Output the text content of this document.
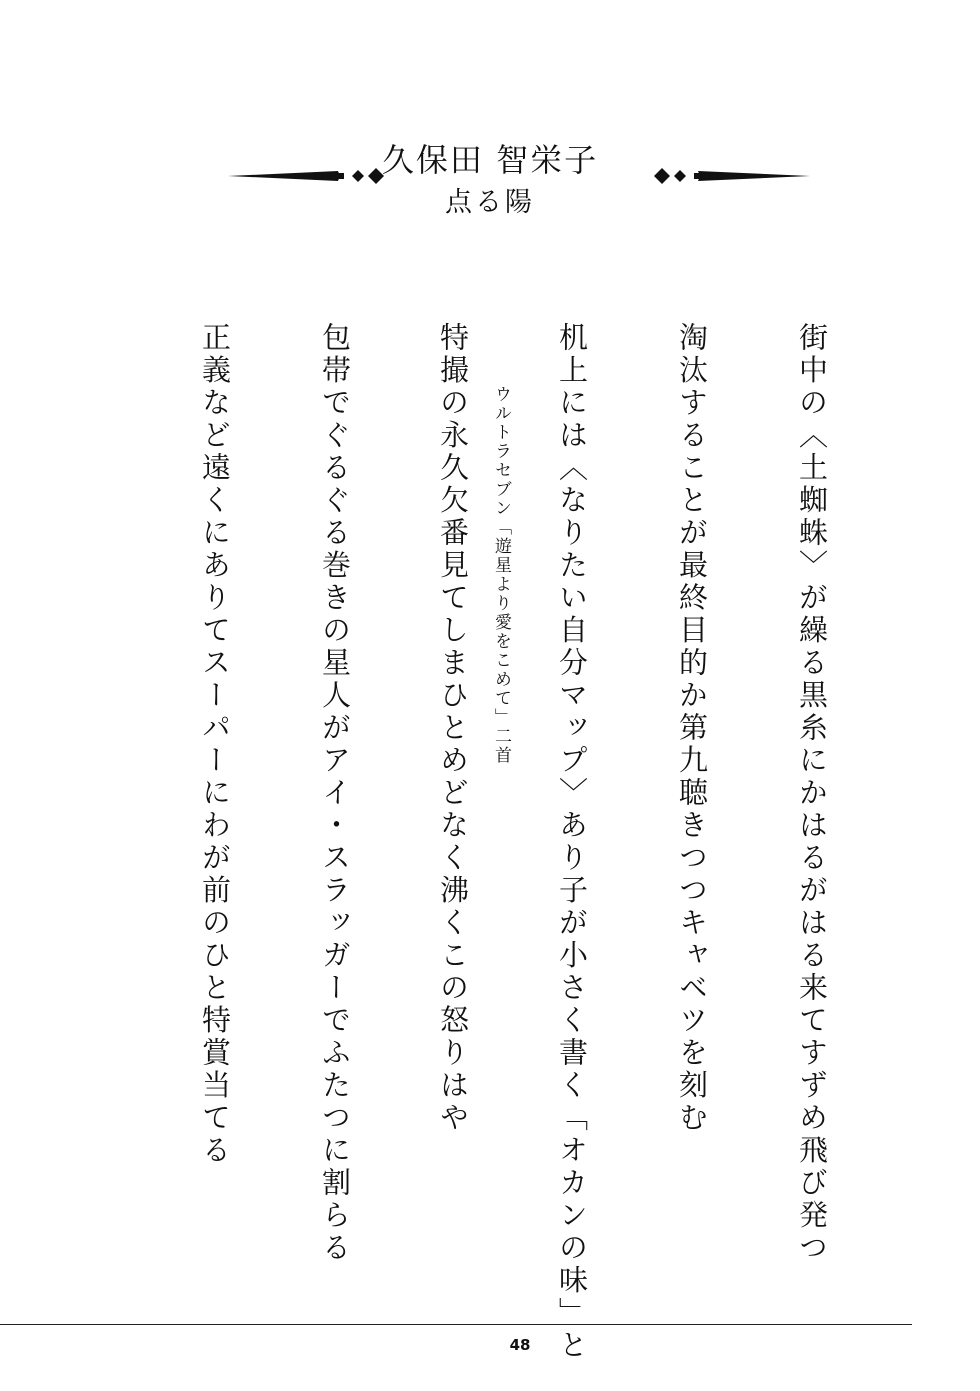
久保田 智栄子
点る陽
街中の〈土蜘蛛〉が繰る黒糸にかはるがはる来てすずめ飛び発つ
淘汰することが最終目的か第九聴きつつキャベツを刻む
机上には〈なりたい自分マップ〉あり子が小さく書く「オカンの味」と
ウルトラセブン「遊星より愛をこめて」二首
特撮の永久欠番見てしまひとめどなく沸くこの怒りはや
包帯でぐるぐる巻きの星人がアイ・スラッガーでふたつに割らる
正義など遠くにありてスーパーにわが前のひと特賞当てる
48
